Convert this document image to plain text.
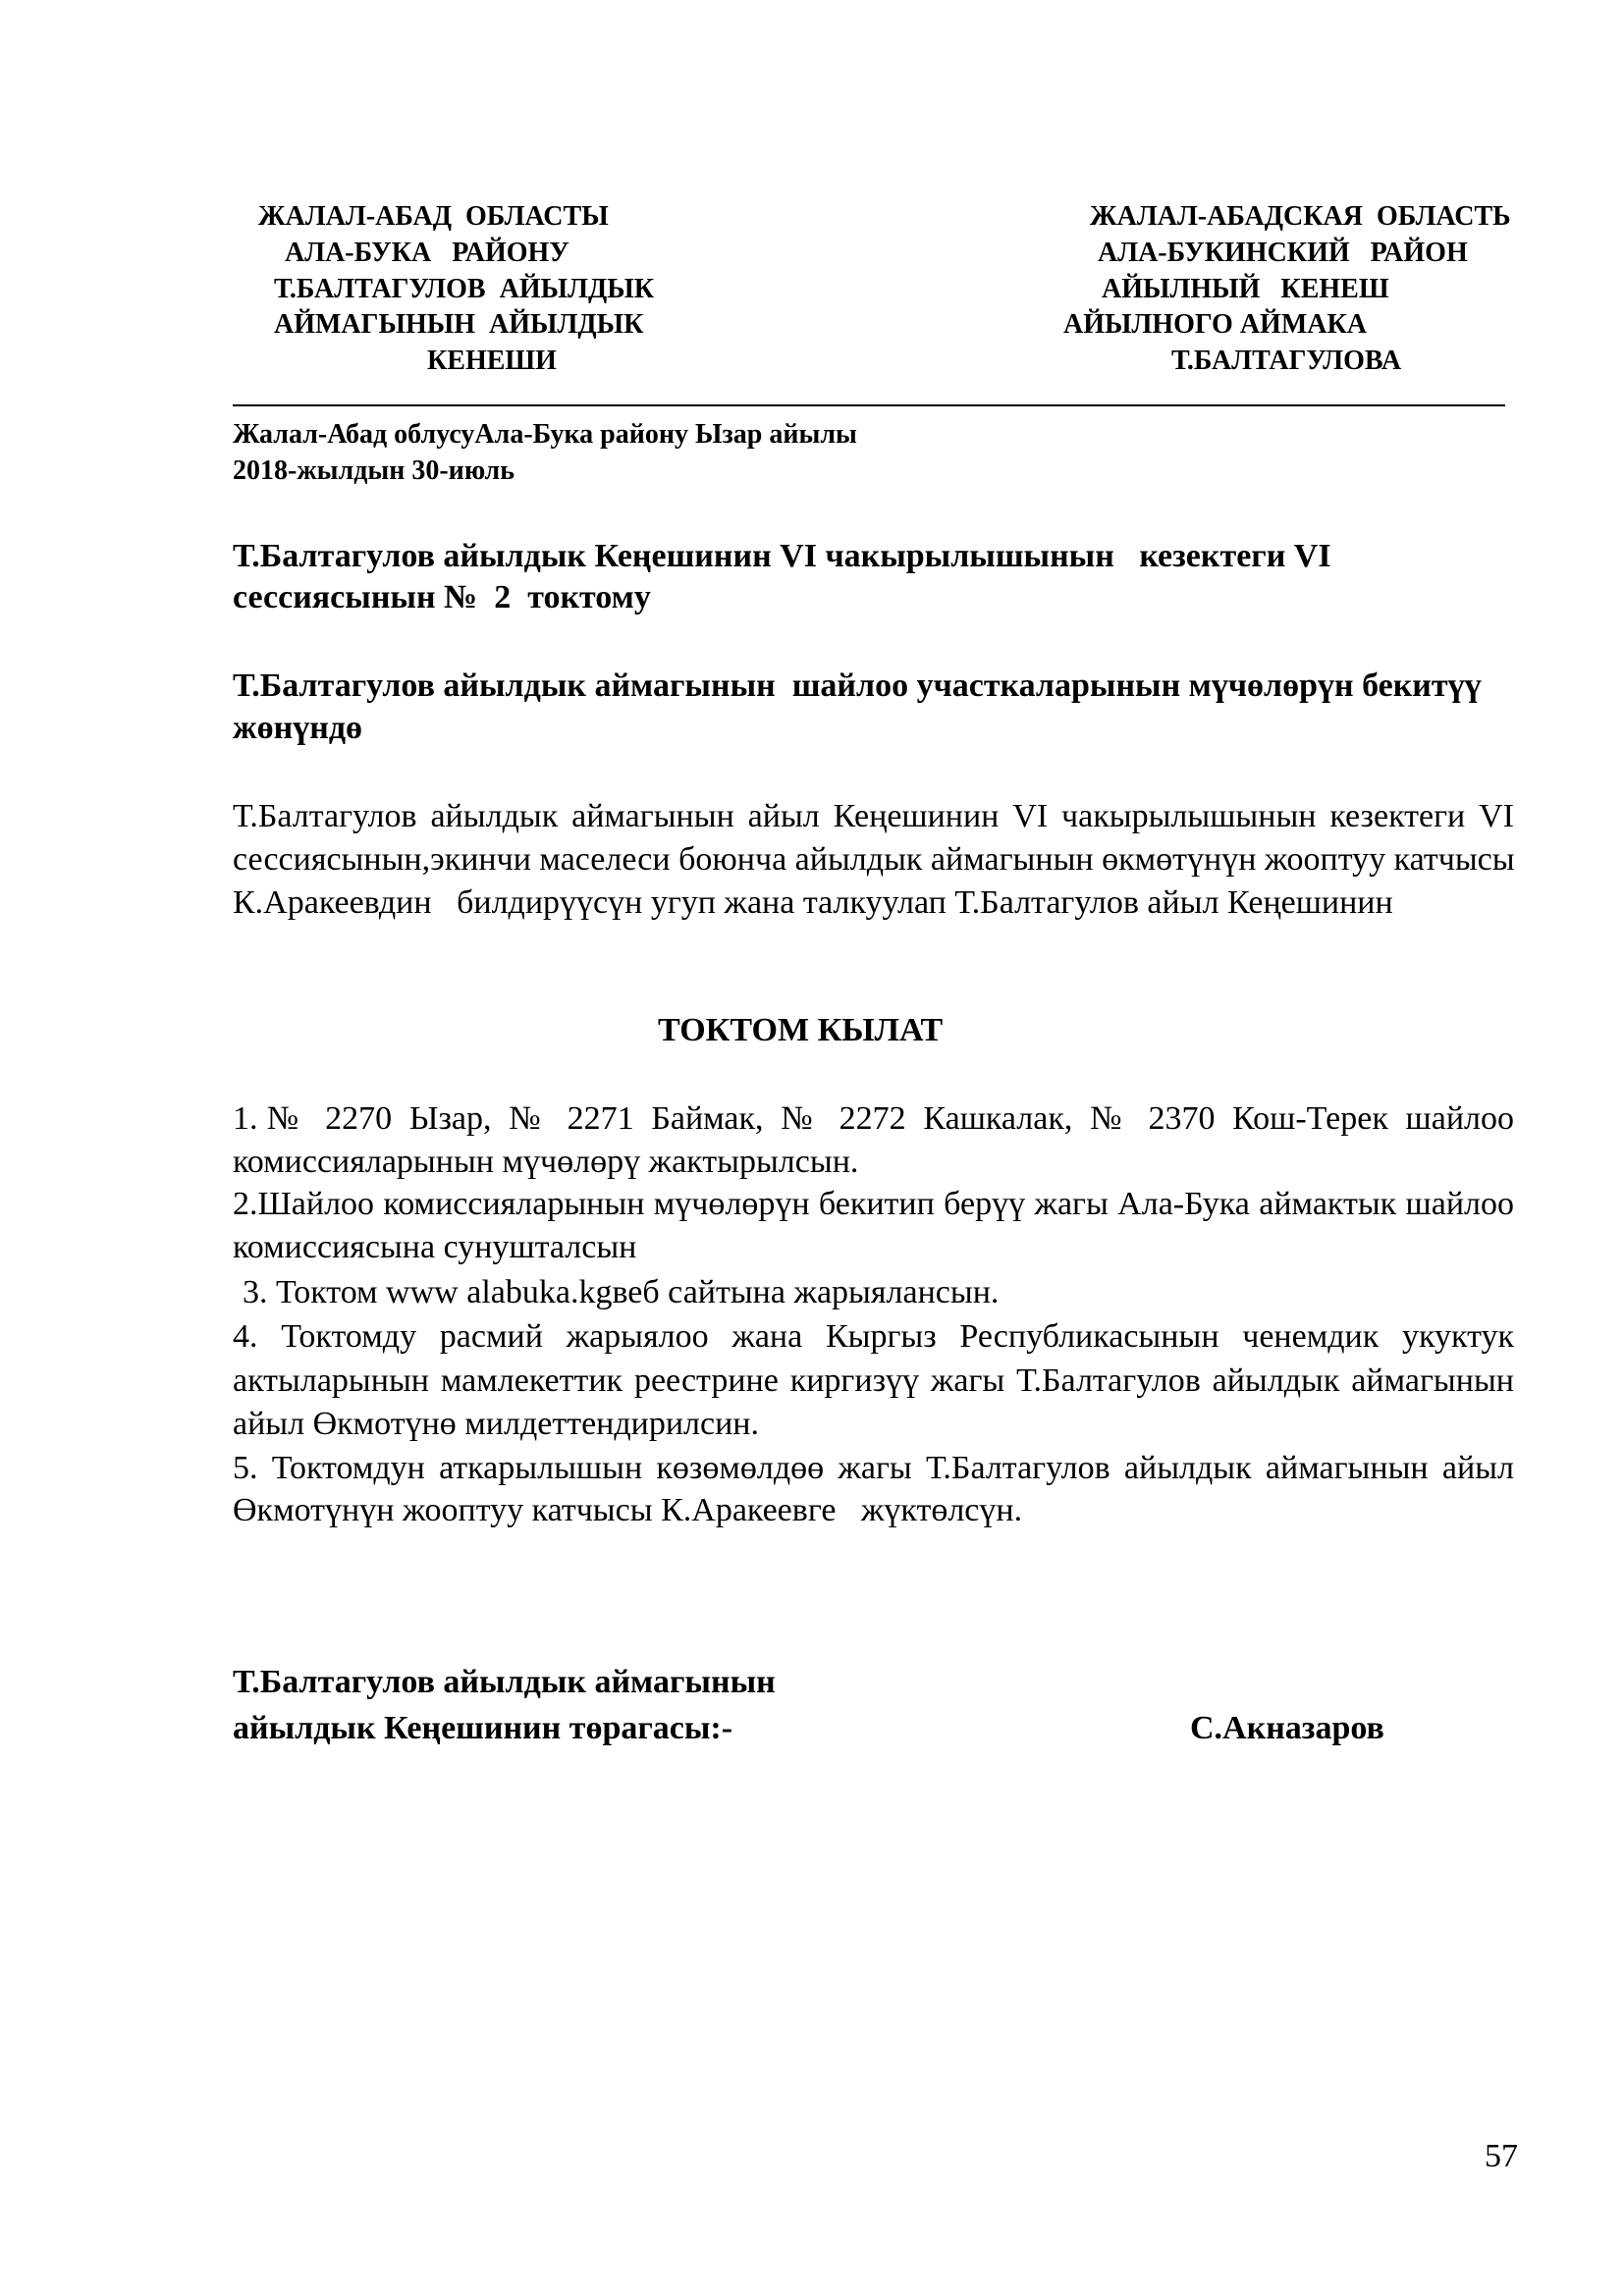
ЖАЛАЛ-АБАД  ОБЛАСТЫ
АЛА-БУКА   РАЙОНУ
Т.БАЛТАГУЛОВ  АЙЫЛДЫК
АЙМАГЫНЫН  АЙЫЛДЫК
КЕНЕШИ
ЖАЛАЛ-АБАДСКАЯ  ОБЛАСТЬ
АЛА-БУКИНСКИЙ   РАЙОН
АЙЫЛНЫЙ   КЕНЕШ
АЙЫЛНОГО АЙМАКА
Т.БАЛТАГУЛОВА
Жалал-Абад облусуАла-Бука району Ызар айылы
2018-жылдын 30-июль
Т.Балтагулов айылдык Кеңешинин VI чакырылышынын   кезектеги VI
сессиясынын №  2  токтому
Т.Балтагулов айылдык аймагынын  шайлоо участкаларынын мүчөлөрүн бекитүү
жөнүндө
Т.Балтагулов айылдык аймагынын айыл Кеңешинин VI чакырылышынын кезектеги VI
сессиясынын,экинчи маселеси боюнча айылдык аймагынын өкмөтүнүн жооптуу катчысы
К.Аракеевдин   билдирүүсүн угуп жана талкуулап Т.Балтагулов айыл Кеңешинин
ТОКТОМ КЫЛАТ
1.№ 2270 Ызар, № 2271 Баймак, № 2272 Кашкалак, № 2370 Кош-Терек шайлоо
комиссияларынын мүчөлөрү жактырылсын.
2.Шайлоо комиссияларынын мүчөлөрүн бекитип берүү жагы Ала-Бука аймактык шайлоо
комиссиясына сунушталсын
3. Токтом www alabuka.kgвеб сайтына жарыялансын.
4. Токтомду расмий жарыялоо жана Кыргыз Республикасынын ченемдик укуктук
актыларынын мамлекеттик реестрине киргизүү жагы Т.Балтагулов айылдык аймагынын
айыл Өкмотүнө милдеттендирилсин.
5. Токтомдун аткарылышын көзөмөлдөө жагы Т.Балтагулов айылдык аймагынын айыл
Өкмотүнүн жооптуу катчысы К.Аракеевге   жүктөлсүн.
Т.Балтагулов айылдык аймагынын
айылдык Кеңешинин төрагасы:-	С.Акназаров
57
